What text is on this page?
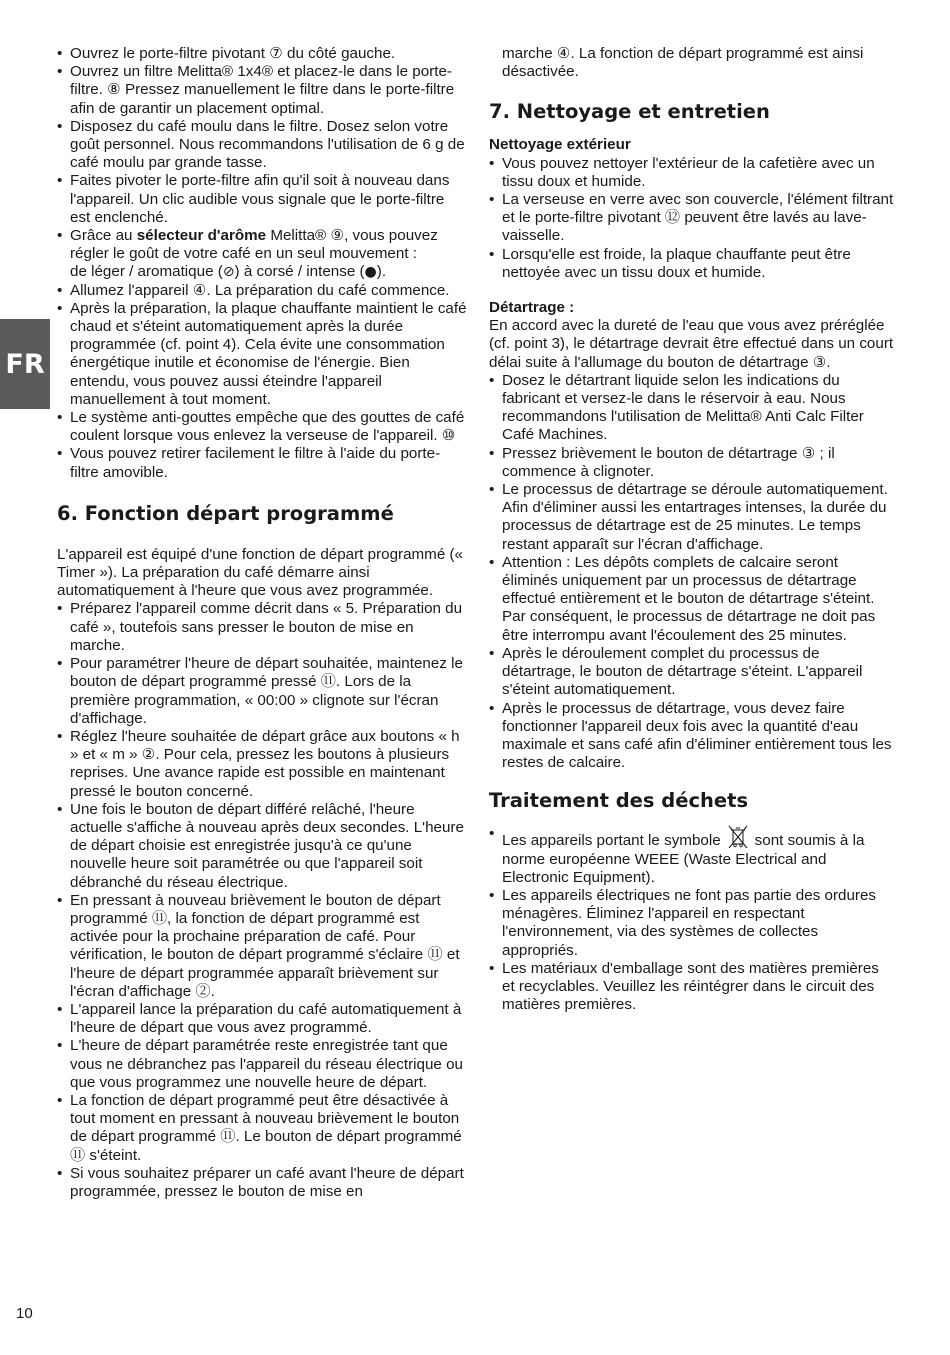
FR
• Ouvrez le porte-filtre pivotant ⑦ du côté gauche.
• Ouvrez un filtre Melitta® 1x4® et placez-le dans le porte-filtre. ⑧ Pressez manuellement le filtre dans le porte-filtre afin de garantir un placement optimal.
• Disposez du café moulu dans le filtre. Dosez selon votre goût personnel. Nous recommandons l'utilisation de 6 g de café moulu par grande tasse.
• Faites pivoter le porte-filtre afin qu'il soit à nouveau dans l'appareil. Un clic audible vous signale que le porte-filtre est enclenché.
• Grâce au sélecteur d'arôme Melitta® ⑨, vous pouvez régler le goût de votre café en un seul mouvement :
de léger / aromatique (⊘) à corsé / intense (●).
• Allumez l'appareil ④. La préparation du café commence.
• Après la préparation, la plaque chauffante maintient le café chaud et s'éteint automatiquement après la durée programmée (cf. point 4). Cela évite une consommation énergétique inutile et économise de l'énergie. Bien entendu, vous pouvez aussi éteindre l'appareil manuellement à tout moment.
• Le système anti-gouttes empêche que des gouttes de café coulent lorsque vous enlevez la verseuse de l'appareil. ⑩
• Vous pouvez retirer facilement le filtre à l'aide du porte-filtre amovible.
6. Fonction départ programmé

L'appareil est équipé d'une fonction de départ programmé (« Timer »). La préparation du café démarre ainsi automatiquement à l'heure que vous avez programmée.

• Préparez l'appareil comme décrit dans « 5. Préparation du café », toutefois sans presser le bouton de mise en marche.
• Pour paramétrer l'heure de départ souhaitée, maintenez le bouton de départ programmé pressé ⑪. Lors de la première programmation, « 00:00 » clignote sur l'écran d'affichage.
• Réglez l'heure souhaitée de départ grâce aux boutons « h » et « m » ②. Pour cela, pressez les boutons à plusieurs reprises. Une avance rapide est possible en maintenant pressé le bouton concerné.
• Une fois le bouton de départ différé relâché, l'heure actuelle s'affiche à nouveau après deux secondes. L'heure de départ choisie est enregistrée jusqu'à ce qu'une nouvelle heure soit paramétrée ou que l'appareil soit débranché du réseau électrique.
• En pressant à nouveau brièvement le bouton de départ programmé ⑪, la fonction de départ programmé est activée pour la prochaine préparation de café. Pour vérification, le bouton de départ programmé s'éclaire ⑪ et l'heure de départ programmée apparaît brièvement sur l'écran d'affichage ②.
• L'appareil lance la préparation du café automatiquement à l'heure de départ que vous avez programmé.
• L'heure de départ paramétrée reste enregistrée tant que vous ne débranchez pas l'appareil du réseau électrique ou que vous programmez une nouvelle heure de départ.
• La fonction de départ programmé peut être désactivée à tout moment en pressant à nouveau brièvement le bouton de départ programmé ⑪. Le bouton de départ programmé ⑪ s'éteint.
• Si vous souhaitez préparer un café avant l'heure de départ programmée, pressez le bouton de mise en

marche ④. La fonction de départ programmé est ainsi désactivée.

7. Nettoyage et entretien
Nettoyage extérieur
• Vous pouvez nettoyer l'extérieur de la cafetière avec un tissu doux et humide.
• La verseuse en verre avec son couvercle, l'élément filtrant et le porte-filtre pivotant ⑫ peuvent être lavés au lave-vaisselle.
• Lorsqu'elle est froide, la plaque chauffante peut être nettoyée avec un tissu doux et humide.
Détartrage :

En accord avec la dureté de l'eau que vous avez préréglée (cf. point 3), le détartrage devrait être effectué dans un court délai suite à l'allumage du bouton de détartrage ③.

• Dosez le détartrant liquide selon les indications du fabricant et versez-le dans le réservoir à eau. Nous recommandons l'utilisation de Melitta® Anti Calc Filter Café Machines.
• Pressez brièvement le bouton de détartrage ③ ; il commence à clignoter.
• Le processus de détartrage se déroule automatiquement. Afin d'éliminer aussi les entartrages intenses, la durée du processus de détartrage est de 25 minutes. Le temps restant apparaît sur l'écran d'affichage.
• Attention : Les dépôts complets de calcaire seront éliminés uniquement par un processus de détartrage effectué entièrement et le bouton de détartrage s'éteint. Par conséquent, le processus de détartrage ne doit pas être interrompu avant l'écoulement des 25 minutes.
• Après le déroulement complet du processus de détartrage, le bouton de détartrage s'éteint. L'appareil s'éteint automatiquement.
• Après le processus de détartrage, vous devez faire fonctionner l'appareil deux fois avec la quantité d'eau maximale et sans café afin d'éliminer entièrement tous les restes de calcaire.
Traitement des déchets
• Les appareils portant le symbole sont soumis à la norme européenne WEEE (Waste Electrical and Electronic Equipment).
• Les appareils électriques ne font pas partie des ordures ménagères. Éliminez l'appareil en respectant l'environnement, via des systèmes de collectes appropriés.
• Les matériaux d'emballage sont des matières premières et recyclables. Veuillez les réintégrer dans le circuit des matières premières.
10
